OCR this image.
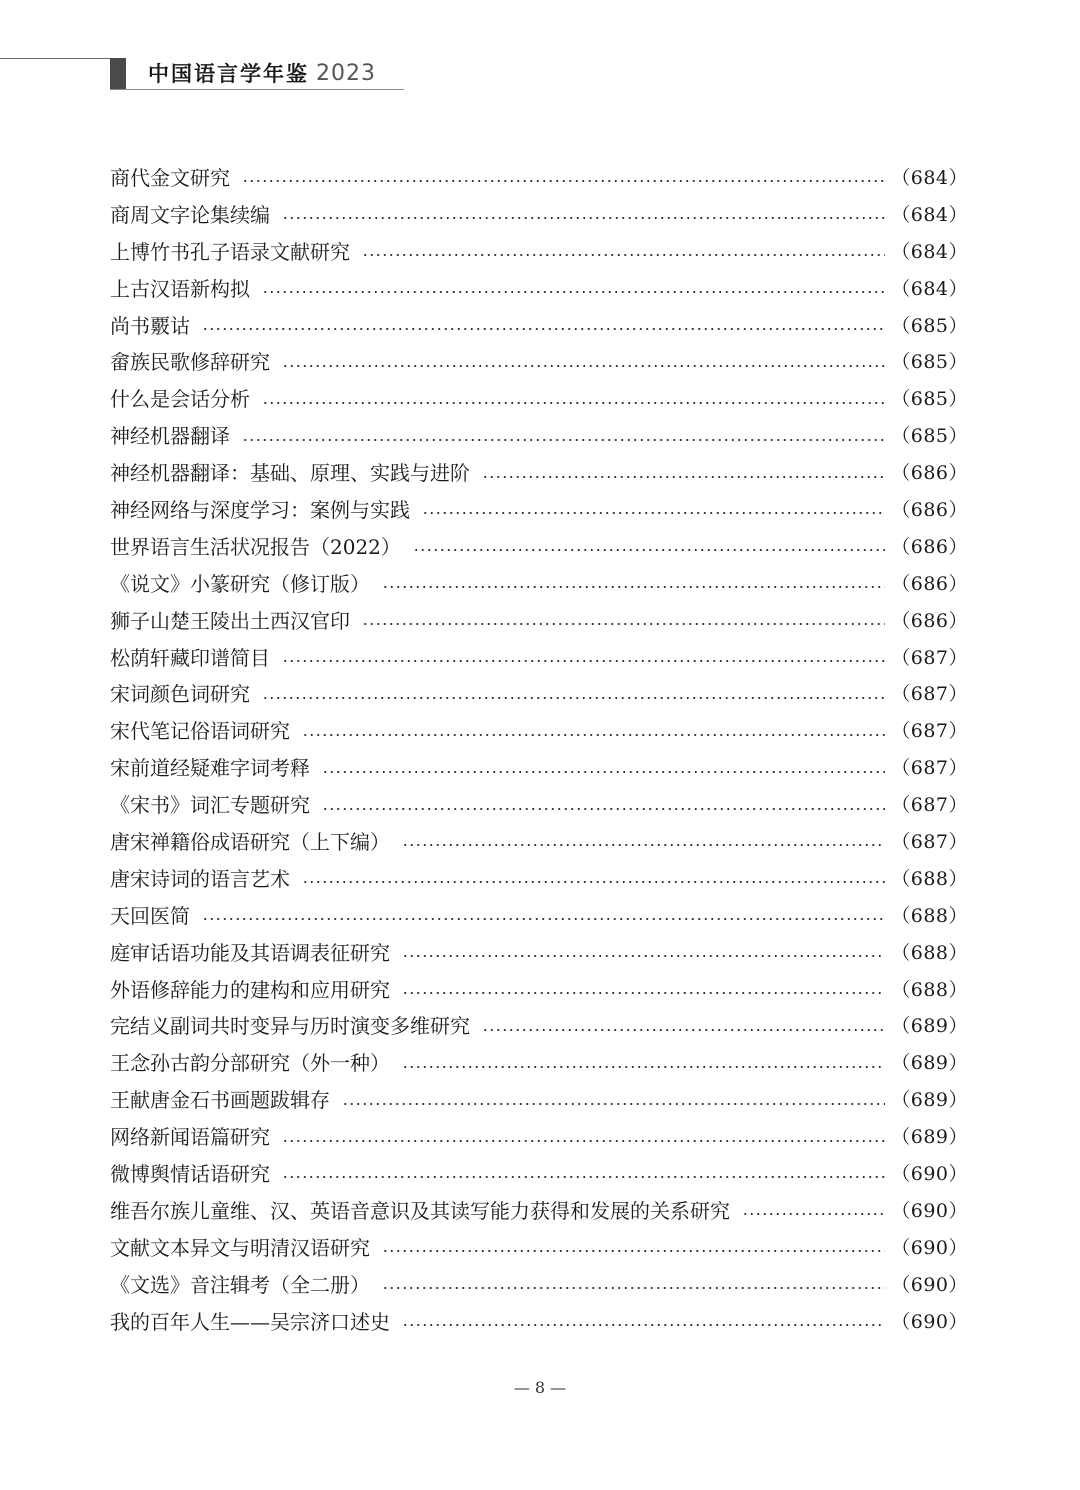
中国语言学年鉴 2023
商代金文研究	（684）
商周文字论集续编	（684）
上博竹书孔子语录文献研究	（684）
上古汉语新构拟	（684）
尚书覈诂	（685）
畲族民歌修辞研究	（685）
什么是会话分析	（685）
神经机器翻译	（685）
神经机器翻译：基础、原理、实践与进阶	（686）
神经网络与深度学习：案例与实践	（686）
世界语言生活状况报告（2022）	（686）
《说文》小篆研究（修订版）	（686）
狮子山楚王陵出土西汉官印	（686）
松荫轩藏印谱简目	（687）
宋词颜色词研究	（687）
宋代笔记俗语词研究	（687）
宋前道经疑难字词考释	（687）
《宋书》词汇专题研究	（687）
唐宋禅籍俗成语研究（上下编）	（687）
唐宋诗词的语言艺术	（688）
天回医简	（688）
庭审话语功能及其语调表征研究	（688）
外语修辞能力的建构和应用研究	（688）
完结义副词共时变异与历时演变多维研究	（689）
王念孙古韵分部研究（外一种）	（689）
王献唐金石书画题跋辑存	（689）
网络新闻语篇研究	（689）
微博舆情话语研究	（690）
维吾尔族儿童维、汉、英语音意识及其读写能力获得和发展的关系研究	（690）
文献文本异文与明清汉语研究	（690）
《文选》音注辑考（全二册）	（690）
我的百年人生——吴宗济口述史	（690）
— 8 —
